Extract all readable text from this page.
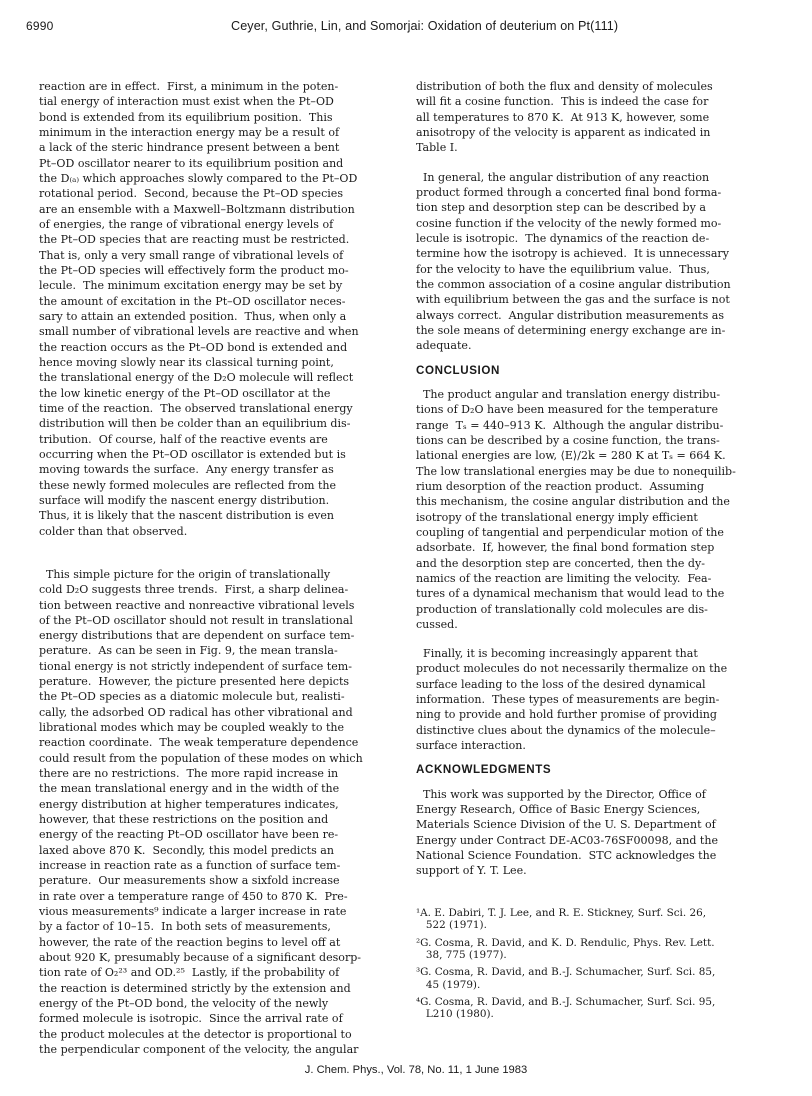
6990	Ceyer, Guthrie, Lin, and Somorjai: Oxidation of deuterium on Pt(111)
reaction are in effect.  First, a minimum in the poten-
tial energy of interaction must exist when the Pt–OD
bond is extended from its equilibrium position.  This
minimum in the interaction energy may be a result of
a lack of the steric hindrance present between a bent
Pt–OD oscillator nearer to its equilibrium position and
the D₍ₐ₎ which approaches slowly compared to the Pt–OD
rotational period.  Second, because the Pt–OD species
are an ensemble with a Maxwell–Boltzmann distribution
of energies, the range of vibrational energy levels of
the Pt–OD species that are reacting must be restricted.
That is, only a very small range of vibrational levels of
the Pt–OD species will effectively form the product mo-
lecule.  The minimum excitation energy may be set by
the amount of excitation in the Pt–OD oscillator neces-
sary to attain an extended position.  Thus, when only a
small number of vibrational levels are reactive and when
the reaction occurs as the Pt–OD bond is extended and
hence moving slowly near its classical turning point,
the translational energy of the D₂O molecule will reflect
the low kinetic energy of the Pt–OD oscillator at the
time of the reaction.  The observed translational energy
distribution will then be colder than an equilibrium dis-
tribution.  Of course, half of the reactive events are
occurring when the Pt–OD oscillator is extended but is
moving towards the surface.  Any energy transfer as
these newly formed molecules are reflected from the
surface will modify the nascent energy distribution.
Thus, it is likely that the nascent distribution is even
colder than that observed.
This simple picture for the origin of translationally
cold D₂O suggests three trends.  First, a sharp delinea-
tion between reactive and nonreactive vibrational levels
of the Pt–OD oscillator should not result in translational
energy distributions that are dependent on surface tem-
perature.  As can be seen in Fig. 9, the mean transla-
tional energy is not strictly independent of surface tem-
perature.  However, the picture presented here depicts
the Pt–OD species as a diatomic molecule but, realisti-
cally, the adsorbed OD radical has other vibrational and
librational modes which may be coupled weakly to the
reaction coordinate.  The weak temperature dependence
could result from the population of these modes on which
there are no restrictions.  The more rapid increase in
the mean translational energy and in the width of the
energy distribution at higher temperatures indicates,
however, that these restrictions on the position and
energy of the reacting Pt–OD oscillator have been re-
laxed above 870 K.  Secondly, this model predicts an
increase in reaction rate as a function of surface tem-
perature.  Our measurements show a sixfold increase
in rate over a temperature range of 450 to 870 K.  Pre-
vious measurements⁹ indicate a larger increase in rate
by a factor of 10–15.  In both sets of measurements,
however, the rate of the reaction begins to level off at
about 920 K, presumably because of a significant desorp-
tion rate of O₂²³ and OD.²⁵  Lastly, if the probability of
the reaction is determined strictly by the extension and
energy of the Pt–OD bond, the velocity of the newly
formed molecule is isotropic.  Since the arrival rate of
the product molecules at the detector is proportional to
the perpendicular component of the velocity, the angular
distribution of both the flux and density of molecules
will fit a cosine function.  This is indeed the case for
all temperatures to 870 K.  At 913 K, however, some
anisotropy of the velocity is apparent as indicated in
Table I.
In general, the angular distribution of any reaction
product formed through a concerted final bond forma-
tion step and desorption step can be described by a
cosine function if the velocity of the newly formed mo-
lecule is isotropic.  The dynamics of the reaction de-
termine how the isotropy is achieved.  It is unnecessary
for the velocity to have the equilibrium value.  Thus,
the common association of a cosine angular distribution
with equilibrium between the gas and the surface is not
always correct.  Angular distribution measurements as
the sole means of determining energy exchange are in-
adequate.
CONCLUSION
The product angular and translation energy distribu-
tions of D₂O have been measured for the temperature
range  Tₛ = 440–913 K.  Although the angular distribu-
tions can be described by a cosine function, the trans-
lational energies are low, ⟨E⟩/2k = 280 K at Tₛ = 664 K.
The low translational energies may be due to nonequilib-
rium desorption of the reaction product.  Assuming
this mechanism, the cosine angular distribution and the
isotropy of the translational energy imply efficient
coupling of tangential and perpendicular motion of the
adsorbate.  If, however, the final bond formation step
and the desorption step are concerted, then the dy-
namics of the reaction are limiting the velocity.  Fea-
tures of a dynamical mechanism that would lead to the
production of translationally cold molecules are dis-
cussed.
Finally, it is becoming increasingly apparent that
product molecules do not necessarily thermalize on the
surface leading to the loss of the desired dynamical
information.  These types of measurements are begin-
ning to provide and hold further promise of providing
distinctive clues about the dynamics of the molecule–
surface interaction.
ACKNOWLEDGMENTS
This work was supported by the Director, Office of
Energy Research, Office of Basic Energy Sciences,
Materials Science Division of the U. S. Department of
Energy under Contract DE-AC03-76SF00098, and the
National Science Foundation.  STC acknowledges the
support of Y. T. Lee.
¹A. E. Dabiri, T. J. Lee, and R. E. Stickney, Surf. Sci. 26,
522 (1971).
²G. Cosma, R. David, and K. D. Rendulic, Phys. Rev. Lett.
38, 775 (1977).
³G. Cosma, R. David, and B.-J. Schumacher, Surf. Sci. 85,
45 (1979).
⁴G. Cosma, R. David, and B.-J. Schumacher, Surf. Sci. 95,
L210 (1980).
J. Chem. Phys., Vol. 78, No. 11, 1 June 1983
